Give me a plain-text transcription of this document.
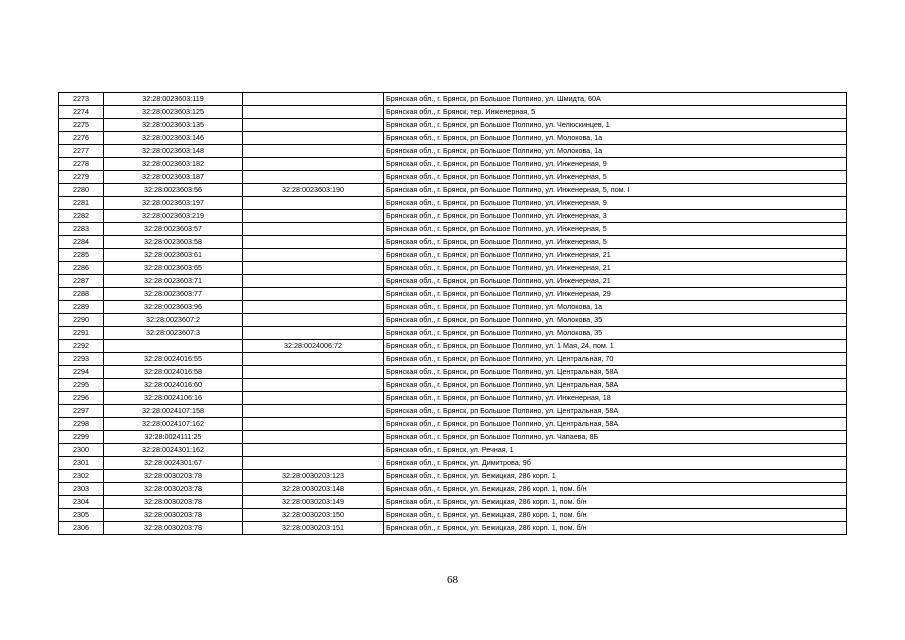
2273	32:28:0023603:119		Брянская обл., г. Брянск, рп Большое Полпино, ул. Шмидта, 60А
2274	32:28:0023603:125		Брянская обл., г. Брянск, тер. Инженерная, 5
2275	32:28:0023603:135		Брянская обл., г. Брянск, рп Большое Полпино, ул. Челюскинцев, 1
2276	32:28:0023603:146		Брянская обл., г. Брянск, рп Большое Полпино, ул. Молокова, 1а
2277	32:28:0023603:148		Брянская обл., г. Брянск, рп Большое Полпино, ул. Молокова, 1а
2278	32:28:0023603:182		Брянская обл., г. Брянск, рп Большое Полпино, ул. Инженерная, 9
2279	32:28:0023603:187		Брянская обл., г. Брянск, рп Большое Полпино, ул. Инженерная, 5
2280	32:28:0023603:56	32:28:0023603:190	Брянская обл., г. Брянск, рп Большое Полпино, ул. Инженерная, 5, пом. I
2281	32:28:0023603:197		Брянская обл., г. Брянск, рп Большое Полпино, ул. Инженерная, 9
2282	32:28:0023603:219		Брянская обл., г. Брянск, рп Большое Полпино, ул. Инженерная, 3
2283	32:28:0023603:57		Брянская обл., г. Брянск, рп Большое Полпино, ул. Инженерная, 5
2284	32:28:0023603:58		Брянская обл., г. Брянск, рп Большое Полпино, ул. Инженерная, 5
2285	32:28:0023603:61		Брянская обл., г. Брянск, рп Большое Полпино, ул. Инженерная, 21
2286	32:28:0023603:65		Брянская обл., г. Брянск, рп Большое Полпино, ул. Инженерная, 21
2287	32:28:0023603:71		Брянская обл., г. Брянск, рп Большое Полпино, ул. Инженерная, 21
2288	32:28:0023603:77		Брянская обл., г. Брянск, рп Большое Полпино, ул. Инженерная, 29
2289	32:28:0023603:96		Брянская обл., г. Брянск, рп Большое Полпино, ул. Молокова, 1а
2290	32:28:0023607:2		Брянская обл., г. Брянск, рп Большое Полпино, ул. Молокова, 35
2291	32:28:0023607:3		Брянская обл., г. Брянск, рп Большое Полпино, ул. Молокова, 35
2292		32:28:0024006:72	Брянская обл., г. Брянск, рп Большое Полпино, ул. 1 Мая, 24, пом. 1
2293	32:28:0024016:55		Брянская обл., г. Брянск, рп Большое Полпино, ул. Центральная, 70
2294	32:28:0024016:58		Брянская обл., г. Брянск, рп Большое Полпино, ул. Центральная, 58А
2295	32:28:0024016:60		Брянская обл., г. Брянск, рп Большое Полпино, ул. Центральная, 58А
2296	32:28:0024106:16		Брянская обл., г. Брянск, рп Большое Полпино, ул. Инженерная, 18
2297	32:28:0024107:158		Брянская обл., г. Брянск, рп Большое Полпино, ул. Центральная, 58А
2298	32:28:0024107:162		Брянская обл., г. Брянск, рп Большое Полпино, ул. Центральная, 58А
2299	32:28:0024111:25		Брянская обл., г. Брянск, рп Большое Полпино, ул. Чапаева, 8Б
2300	32:28:0024301:162		Брянская обл., г. Брянск, ул. Речная, 1
2301	32:28:0024301:67		Брянская обл., г. Брянск, ул. Димитрова, 9б
2302	32:28:0030203:78	32:28:0030203:123	Брянская обл., г. Брянск, ул. Бежицкая, 286 корп. 1
2303	32:28:0030203:78	32:28:0030203:148	Брянская обл., г. Брянск, ул. Бежицкая, 286 корп. 1, пом. б/н
2304	32:28:0030203:78	32:28:0030203:149	Брянская обл., г. Брянск, ул. Бежицкая, 286 корп. 1, пом. б/н
2305	32:28:0030203:78	32:28:0030203:150	Брянская обл., г. Брянск, ул. Бежицкая, 286 корп. 1, пом. б/н
2306	32:28:0030203:78	32:28:0030203:151	Брянская обл., г. Брянск, ул. Бежицкая, 286 корп. 1, пом. б/н
68
